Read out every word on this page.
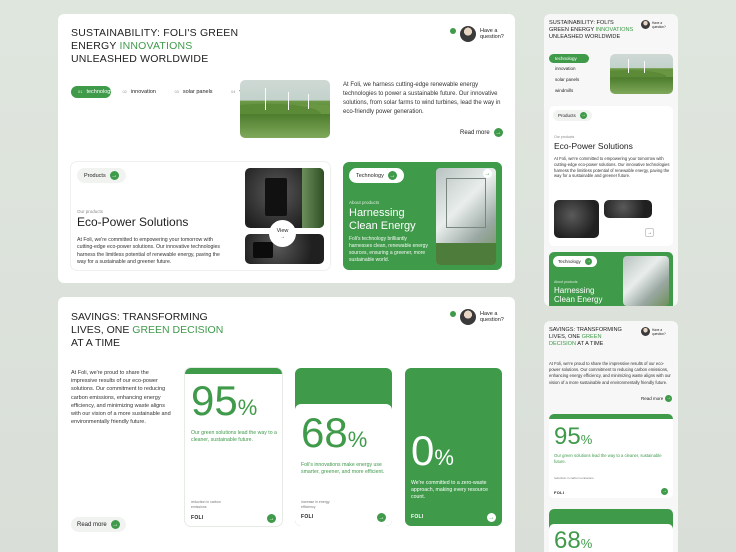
SUSTAINABILITY: FOLI'S GREEN
ENERGY INNOVATIONS
UNLEASHED WORLDWIDE
Have a question?
01 technology
02 innovation
	03 solar panels
	04
At Foli, we harness cutting-edge renewable energy technologies to power a sustainable future. Our innovative solutions, from solar farms to wind turbines, lead the way in eco-friendly power generation.
Read more →
Products →
Our products
Eco-Power Solutions
At Foli, we're committed to empowering your tomorrow with cutting-edge eco-power solutions. Our innovative technologies harness the limitless potential of renewable energy, paving the way for a sustainable and greener future.
View
→
Technology →
About products
Harnessing
Clean Energy
Foli's technology brilliantly harnesses clean, renewable energy sources, ensuring a greener, more sustainable world.
→
SAVINGS: TRANSFORMING
LIVES, ONE GREEN DECISION
AT A TIME
Have a question?
At Foli, we're proud to share the impressive results of our eco-power solutions. Our commitment to reducing carbon emissions, enhancing energy efficiency, and minimizing waste aligns with our vision of a more sustainable and environmentally friendly future.
Read more →
95%
Our green solutions lead the way to a cleaner, sustainable future.
reduction in carbon emissions
FOLI	→
68%
Foli's innovations make energy use smarter, greener, and more efficient.
increase in energy efficiency
FOLI	→
0%
We're committed to a zero-waste approach, making every resource count.
FOLI	→
SUSTAINABILITY: FOLI'S
GREEN ENERGY INNOVATIONS
UNLEASHED WORLDWIDE
Have a question?
technology
innovation
solar panels
windmills
Products →
Our products
Eco-Power Solutions
At Foli, we're committed to empowering your tomorrow with cutting-edge eco-power solutions. Our innovative technologies harness the limitless potential of renewable energy, paving the way for a sustainable and greener future.
→
Technology →
About products
Harnessing
Clean Energy
SAVINGS: TRANSFORMING
LIVES, ONE GREEN
DECISION AT A TIME
Have a question?
At Foli, we're proud to share the impressive results of our eco-power solutions. Our commitment to reducing carbon emissions, enhancing energy efficiency, and minimizing waste aligns with our vision of a more sustainable and environmentally friendly future.
Read more →
95%
Our green solutions lead the way to a cleaner, sustainable future.
reduction in carbon emissions
FOLI	→
68%
